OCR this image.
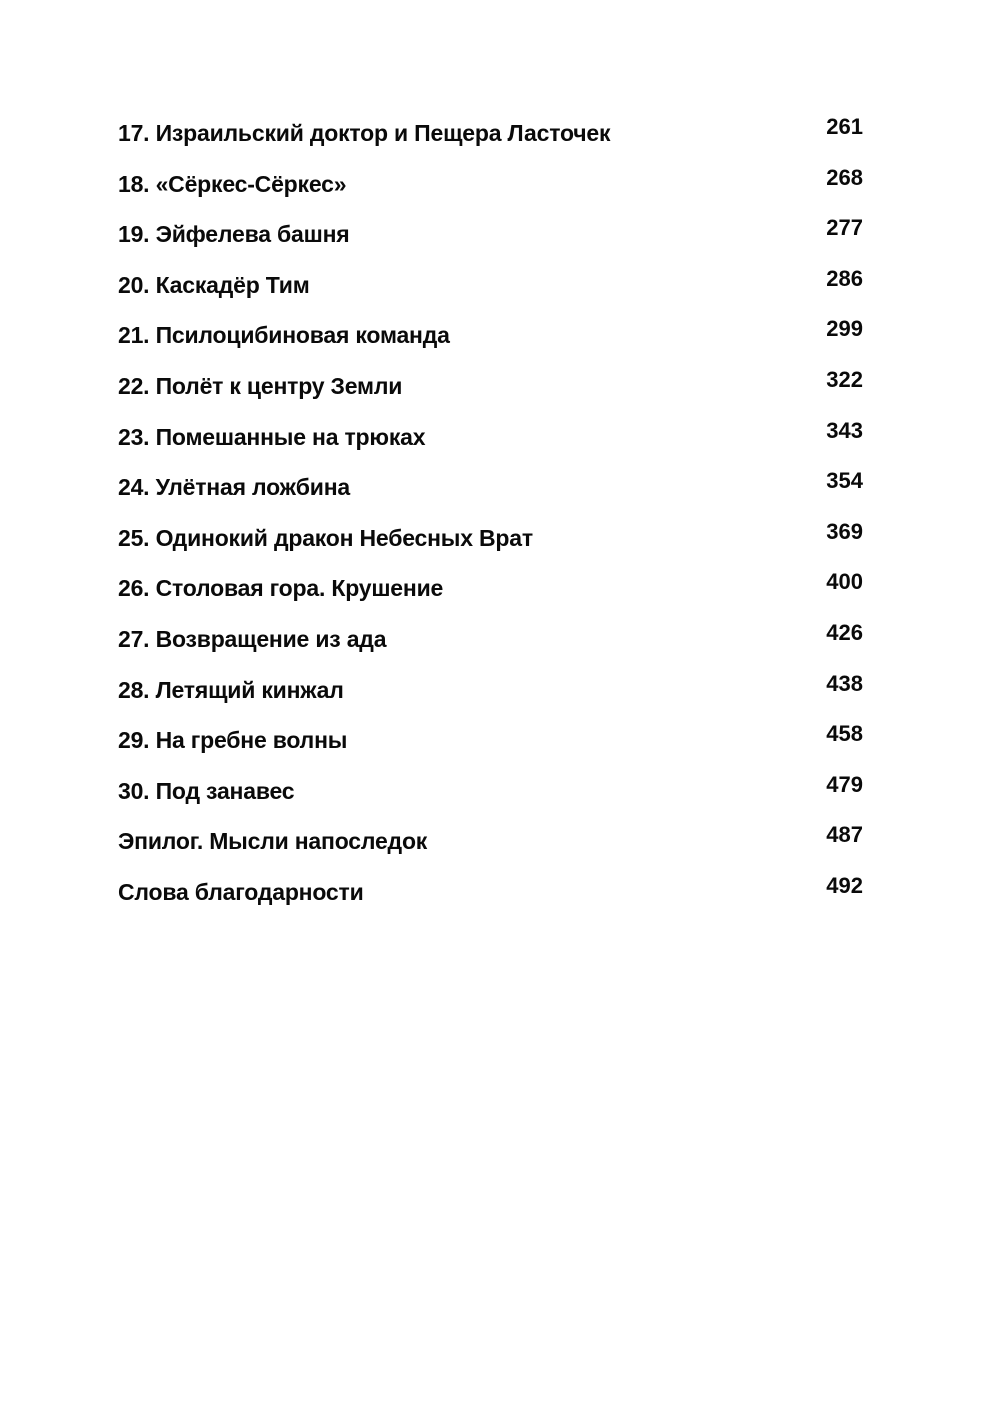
17. Израильский доктор и Пещера Ласточек	261
18. «Сёркес-Сёркес»	268
19. Эйфелева башня	277
20. Каскадёр Тим	286
21. Псилоцибиновая команда	299
22. Полёт к центру Земли	322
23. Помешанные на трюках	343
24. Улётная ложбина	354
25. Одинокий дракон Небесных Врат	369
26. Столовая гора. Крушение	400
27. Возвращение из ада	426
28. Летящий кинжал	438
29. На гребне волны	458
30. Под занавес	479
Эпилог. Мысли напоследок	487
Слова благодарности	492
